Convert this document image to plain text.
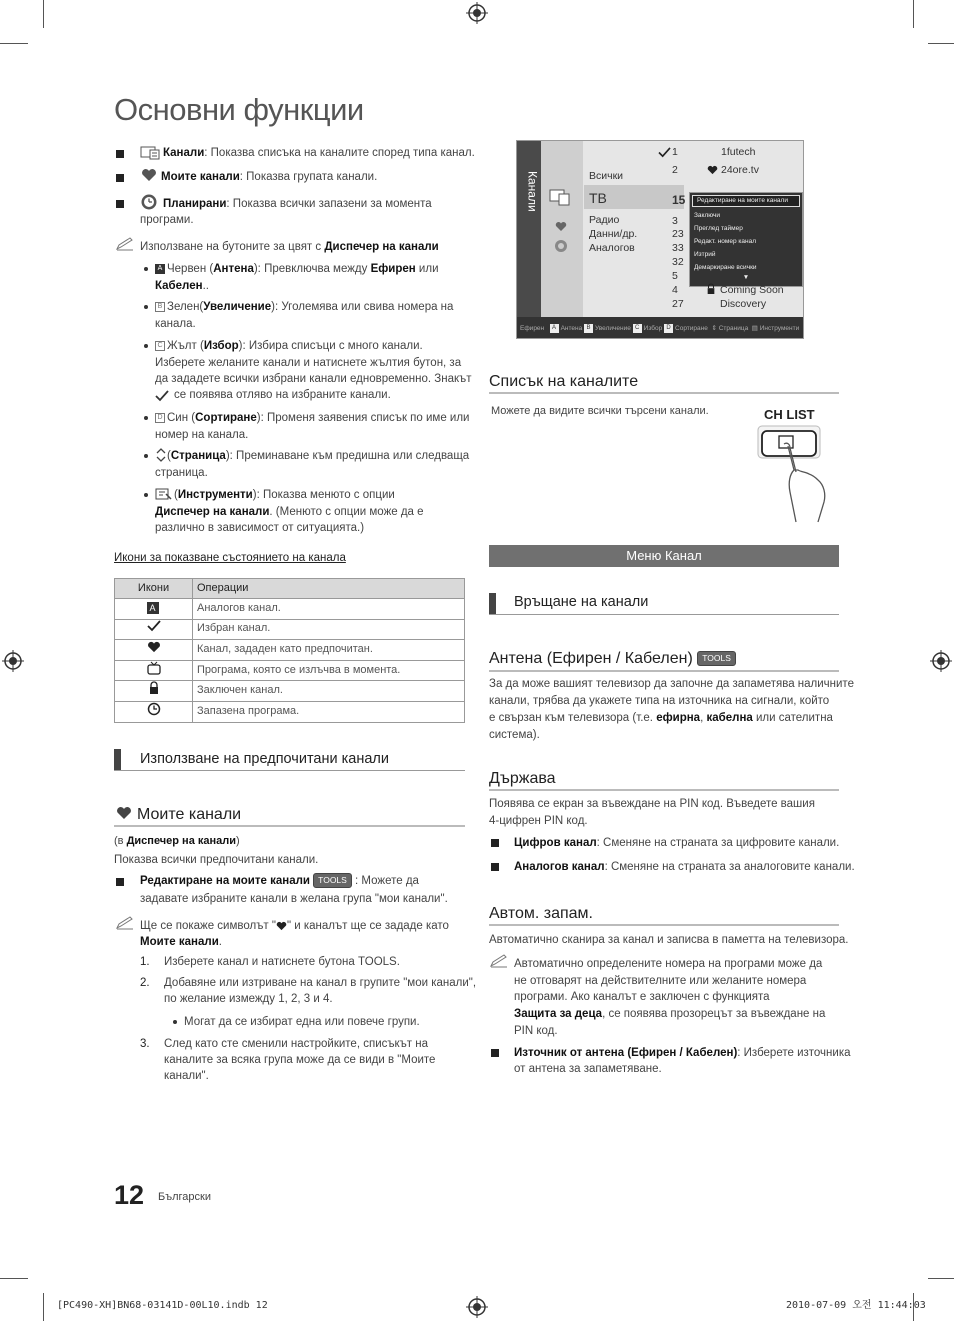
Основни функции
Канали: Показва списъка на каналите според типа канал.
Моите канали: Показва групата канали.
Планирани: Показва всички запазени за момента
програми.
Използване на бутоните за цвят с Диспечер на канали
A Червен (Антена): Превключва между Ефирен или
Кабелен..
B Зелен(Увеличение): Уголемява или свива номера на
канала.
C Жълт (Избор): Избира списъци с много канали.
Изберете желаните канали и натиснете жълтия бутон, за
да зададете всички избрани канали едновременно. Знакът
се появява отляво на избраните канали.
D Син (Сортиране): Променя заявения списък по име или
номер на канала.
(Страница): Преминаване към предишна или следваща
страница.
(Инструменти): Показва менюто с опции
Диспечер на канали. (Менюто с опции може да е
различно в зависимост от ситуацията.)
Икони за показване състоянието на канала
Икони	Операции
A	Аналогов канал.
	Избран канал.
	Канал, зададен като предпочитан.
	Програма, която се излъчва в момента.
	Заключен канал.
	Запазена програма.
Използване на предпочитани канали
Моите канали
(в Диспечер на канали)
Показва всички предпочитани канали.
Редактиране на моите канали TOOLS : Можете да
задавате избраните канали в желана група "мои канали".
Ще се покаже символът " " и каналът ще се зададе като
Моите канали.
1. Изберете канал и натиснете бутона TOOLS.
2. Добавяне или изтриване на канал в групите "мои канали",
по желание измежду 1, 2, 3 и 4.
Могат да се избират една или повече групи.
3. След като сте сменили настройките, списъкът на
каналите за всяка група може да се види в "Моите
канали".
12 Български
Канали	Всички
ТВ
Радио
Данни/др.
Аналогов
1
2
15
3
23
33
32
5
4
27
1futech
24ore.tv
Редактиране на моите канали
Заключи
Преглед таймер
Редакт. номер канал
Изтрий
Демаркиране всички
▼
Coming Soon
Discovery
Ефирен A Антена B Увеличение C Избор D Сортиране  ⇕ Страница  ▤ Инструменти
Списък на каналите
Можете да видите всички търсени канали.	CH LIST
Меню Канал
Връщане на канали
Антена (Ефирен / Кабелен) TOOLS
За да може вашият телевизор да започне да запаметява наличните
канали, трябва да укажете типа на източника на сигнали, който
е свързан към телевизора (т.е. ефирна, кабелна или сателитна
система).
Държава
Появява се екран за въвеждане на PIN код. Въведете вашия
4-цифрен PIN код.
Цифров канал: Сменяне на страната за цифровите канали.
Аналогов канал: Сменяне на страната за аналоговите канали.
Автом. запам.
Автоматично сканира за канал и записва в паметта на телевизора.
Автоматично определените номера на програми може да
не отговарят на действителните или желаните номера
програми. Ако каналът е заключен с функцията
Защита за деца, се появява прозорецът за въвеждане на
PIN код.
Източник от антена (Ефирен / Кабелен): Изберете източника
от антена за запаметяване.
[PC490-XH]BN68-03141D-00L10.indb 12	2010-07-09 오전 11:44:03
